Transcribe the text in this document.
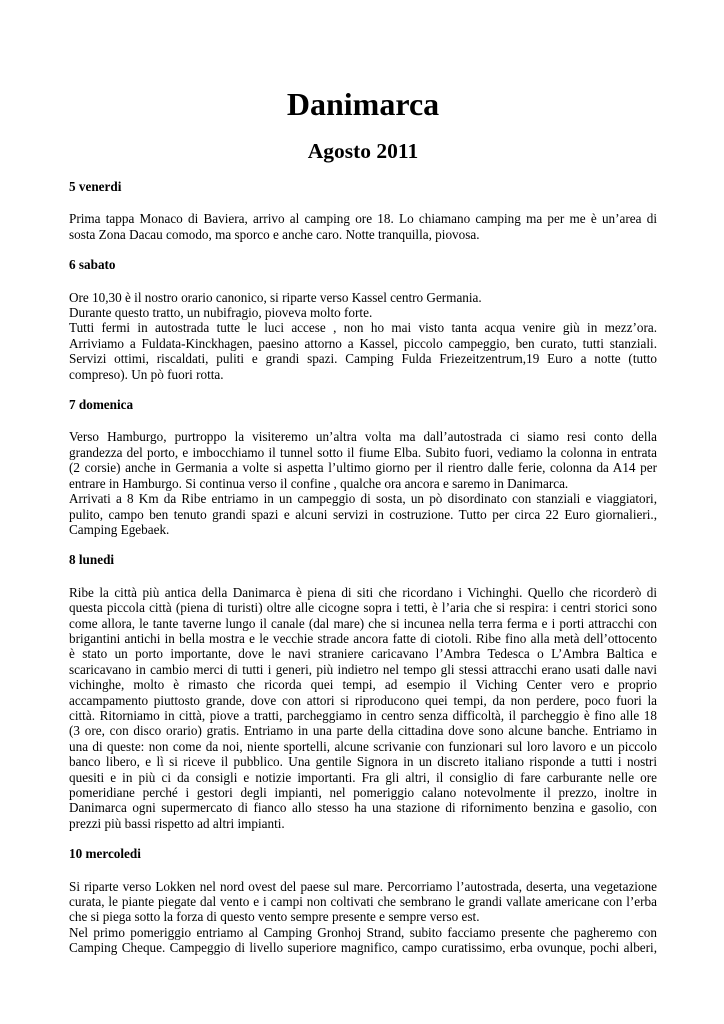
Danimarca
Agosto 2011

5 venerdi

Prima tappa Monaco di Baviera, arrivo al camping ore 18. Lo chiamano camping ma per me è un’area di
sosta Zona Dacau comodo, ma sporco e anche caro. Notte tranquilla, piovosa.

6 sabato

Ore 10,30 è il nostro orario canonico, si riparte verso Kassel centro Germania.
Durante questo tratto, un nubifragio, pioveva molto forte.
Tutti fermi in autostrada tutte le luci accese , non ho mai visto tanta acqua venire giù in mezz’ora.
Arriviamo a Fuldata-Kinckhagen, paesino attorno a Kassel, piccolo campeggio, ben curato, tutti stanziali.
Servizi ottimi, riscaldati, puliti e grandi spazi. Camping Fulda Friezeitzentrum,19 Euro a notte (tutto
compreso). Un pò fuori rotta.

7 domenica

Verso Hamburgo, purtroppo la visiteremo un’altra volta ma dall’autostrada ci siamo resi conto della
grandezza del porto, e imbocchiamo il tunnel sotto il fiume Elba. Subito fuori, vediamo la colonna in entrata
(2 corsie) anche in Germania a volte si aspetta l’ultimo giorno per il rientro dalle ferie, colonna da A14 per
entrare in Hamburgo. Si continua verso il confine , qualche ora ancora e saremo in Danimarca.
Arrivati a 8 Km da Ribe entriamo in un campeggio di sosta, un pò disordinato con stanziali e viaggiatori,
pulito, campo ben tenuto grandi spazi e alcuni servizi in costruzione. Tutto per circa 22 Euro giornalieri.,
Camping Egebaek.

8 lunedi

Ribe la città più antica della Danimarca è piena di siti che ricordano i Vichinghi. Quello che ricorderò di
questa piccola città (piena di turisti) oltre alle cicogne sopra i tetti, è l’aria che si respira: i centri storici sono
come allora, le tante taverne lungo il canale (dal mare) che si incunea nella terra ferma e i porti attracchi con
brigantini antichi in bella mostra e le vecchie strade ancora fatte di ciotoli. Ribe fino alla metà dell’ottocento
è stato un porto importante, dove le navi straniere caricavano l’Ambra Tedesca o L’Ambra Baltica e
scaricavano in cambio merci di tutti i generi, più indietro nel tempo gli stessi attracchi erano usati dalle navi
vichinghe, molto è rimasto che ricorda quei tempi, ad esempio il Viching Center vero e proprio
accampamento piuttosto grande, dove con attori si riproducono quei tempi, da non perdere, poco fuori la
città. Ritorniamo in città, piove a tratti, parcheggiamo in centro senza difficoltà, il parcheggio è fino alle 18
(3 ore, con disco orario) gratis. Entriamo in una parte della cittadina dove sono alcune banche. Entriamo in
una di queste: non come da noi, niente sportelli, alcune scrivanie con funzionari sul loro lavoro e un piccolo
banco libero, e lì si riceve il pubblico. Una gentile Signora in un discreto italiano risponde a tutti i nostri
quesiti e in più ci da consigli e notizie importanti. Fra gli altri, il consiglio di fare carburante nelle ore
pomeridiane perché i gestori degli impianti, nel pomeriggio calano notevolmente il prezzo, inoltre in
Danimarca ogni supermercato di fianco allo stesso ha una stazione di rifornimento benzina e gasolio, con
prezzi più bassi rispetto ad altri impianti.

10 mercoledi

Si riparte verso Lokken nel nord ovest del paese sul mare. Percorriamo l’autostrada, deserta, una vegetazione
curata, le piante piegate dal vento e i campi non coltivati che sembrano le grandi vallate americane con l’erba
che si piega sotto la forza di questo vento sempre presente e sempre verso est.
Nel primo pomeriggio entriamo al Camping Gronhoj Strand, subito facciamo presente che pagheremo con
Camping Cheque. Campeggio di livello superiore magnifico, campo curatissimo, erba ovunque, pochi alberi,
